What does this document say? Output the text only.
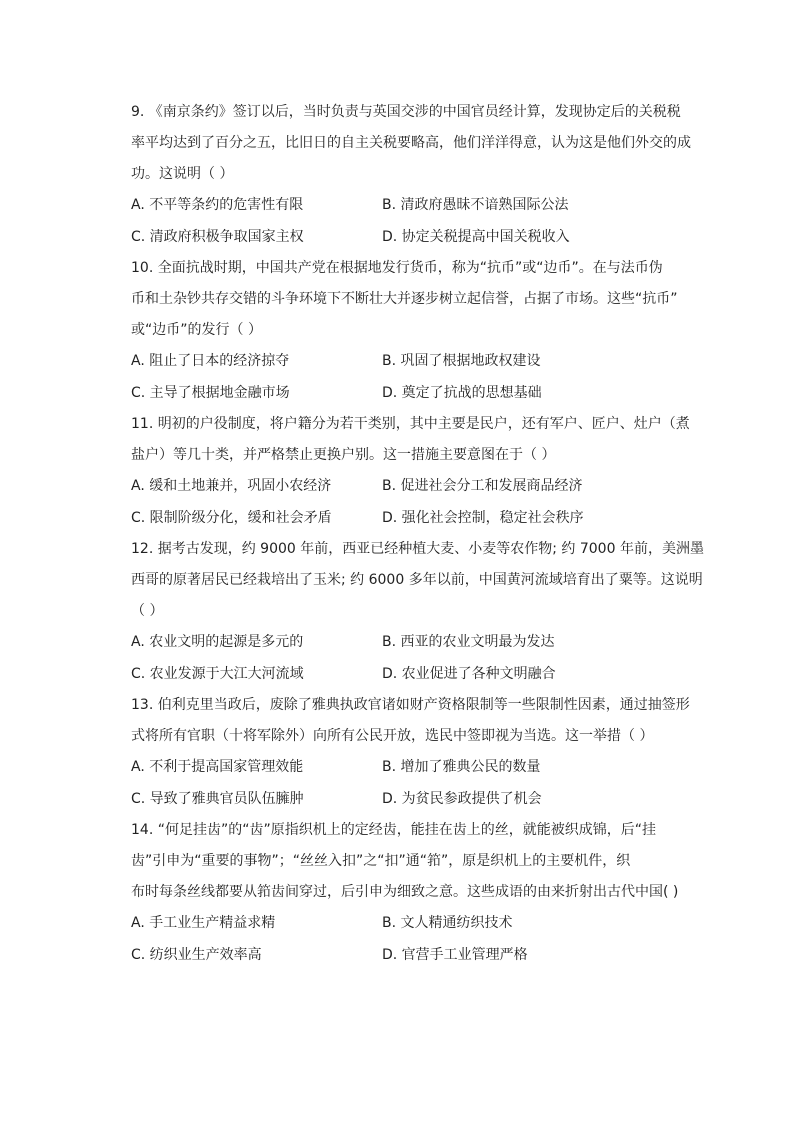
9. 《南京条约》签订以后，当时负责与英国交涉的中国官员经计算，发现协定后的关税税
率平均达到了百分之五，比旧日的自主关税要略高，他们洋洋得意，认为这是他们外交的成
功。这说明（ ）
A. 不平等条约的危害性有限	B. 清政府愚昧不谙熟国际公法
C. 清政府积极争取国家主权	D. 协定关税提高中国关税收入
10. 全面抗战时期，中国共产党在根据地发行货币，称为“抗币”或“边币”。在与法币伪
币和土杂钞共存交错的斗争环境下不断壮大并逐步树立起信誉，占据了市场。这些“抗币”
或“边币”的发行（ ）
A. 阻止了日本的经济掠夺	B. 巩固了根据地政权建设
C. 主导了根据地金融市场	D. 奠定了抗战的思想基础
11. 明初的户役制度，将户籍分为若干类别，其中主要是民户，还有军户、匠户、灶户（煮
盐户）等几十类，并严格禁止更换户别。这一措施主要意图在于（ ）
A. 缓和土地兼并，巩固小农经济	B. 促进社会分工和发展商品经济
C. 限制阶级分化，缓和社会矛盾	D. 强化社会控制，稳定社会秩序
12. 据考古发现，约 9000 年前，西亚已经种植大麦、小麦等农作物; 约 7000 年前，美洲墨
西哥的原著居民已经栽培出了玉米; 约 6000 多年以前，中国黄河流域培育出了粟等。这说明
（ ）
A. 农业文明的起源是多元的	B. 西亚的农业文明最为发达
C. 农业发源于大江大河流域	D. 农业促进了各种文明融合
13. 伯利克里当政后，废除了雅典执政官诸如财产资格限制等一些限制性因素，通过抽签形
式将所有官职（十将军除外）向所有公民开放，选民中签即视为当选。这一举措（ ）
A. 不利于提高国家管理效能	B. 增加了雅典公民的数量
C. 导致了雅典官员队伍臃肿	D. 为贫民参政提供了机会
14. “何足挂齿”的“齿”原指织机上的定经齿，能挂在齿上的丝，就能被织成锦，后“挂
齿”引申为“重要的事物”；“丝丝入扣”之“扣”通“筘”，原是织机上的主要机件，织
布时每条丝线都要从筘齿间穿过，后引申为细致之意。这些成语的由来折射出古代中国( )
A. 手工业生产精益求精	B. 文人精通纺织技术
C. 纺织业生产效率高	D. 官营手工业管理严格
